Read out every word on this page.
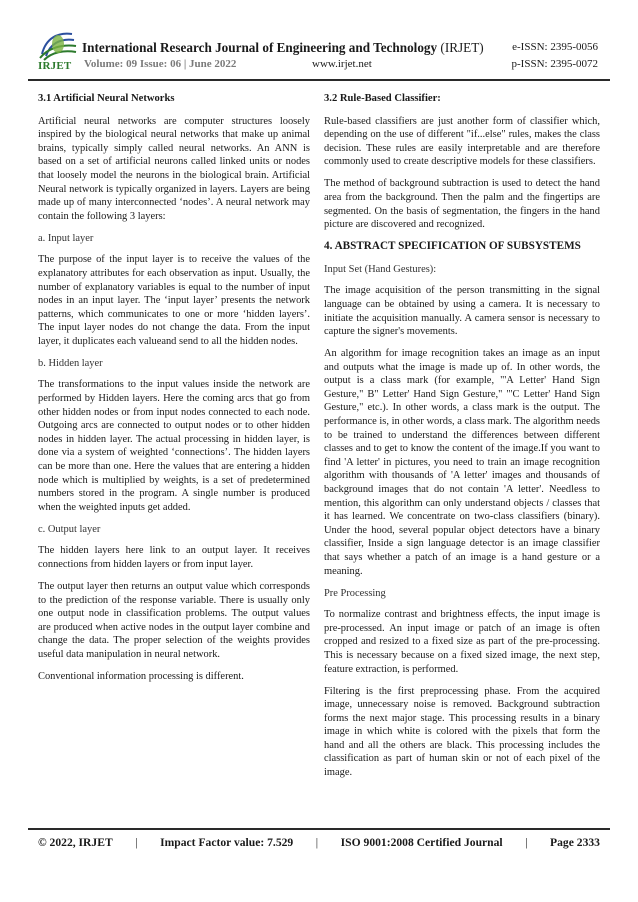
IRJET
International Research Journal of Engineering and Technology (IRJET)	e-ISSN: 2395-0056
Volume: 09 Issue: 06 | June 2022	www.irjet.net	p-ISSN: 2395-0072
3.1 Artificial Neural Networks

Artificial neural networks are computer structures loosely inspired by the biological neural networks that make up animal brains, typically simply called neural networks. An ANN is based on a set of artificial neurons called linked units or nodes that loosely model the neurons in the biological brain. Artificial Neural network is typically organized in layers. Layers are being made up of many interconnected ‘nodes’. A neural network may contain the following 3 layers:

a. Input layer

The purpose of the input layer is to receive the values of the explanatory attributes for each observation as input. Usually, the number of explanatory variables is equal to the number of input nodes in an input layer. The ‘input layer’ presents the network patterns, which communicates to one or more ‘hidden layers’. The input layer nodes do not change the data. From the input layer, it duplicates each valueand send to all the hidden nodes.

b. Hidden layer

The transformations to the input values inside the network are performed by Hidden layers. Here the coming arcs that go from other hidden nodes or from input nodes connected to each node. Outgoing arcs are connected to output nodes or to other hidden nodes in hidden layer. The actual processing in hidden layer, is done via a system of weighted ‘connections’. The hidden layers can be more than one. Here the values that are entering a hidden node which is multiplied by weights, is a set of predetermined numbers stored in the program. A single number is produced when the weighted inputs get added.

c. Output layer

The hidden layers here link to an output layer. It receives connections from hidden layers or from input layer.

The output layer then returns an output value which corresponds to the prediction of the response variable. There is usually only one output node in classification problems. The output values are produced when active nodes in the output layer combine and change the data. The proper selection of the weights provides useful data manipulation in neural network.

Conventional information processing is different.

3.2 Rule-Based Classifier:

Rule-based classifiers are just another form of classifier which, depending on the use of different "if...else" rules, makes the class decision. These rules are easily interpretable and are therefore commonly used to create descriptive models for these classifiers.

The method of background subtraction is used to detect the hand area from the background. Then the palm and the fingertips are segmented. On the basis of segmentation, the fingers in the hand picture are discovered and recognized.

4. ABSTRACT SPECIFICATION OF SUBSYSTEMS

Input Set (Hand Gestures):

The image acquisition of the person transmitting in the signal language can be obtained by using a camera. It is necessary to initiate the acquisition manually. A camera sensor is necessary to capture the signer's movements.

An algorithm for image recognition takes an image as an input and outputs what the image is made up of. In other words, the output is a class mark (for example, "'A Letter' Hand Sign Gesture," B" Letter' Hand Sign Gesture," "'C Letter' Hand Sign Gesture," etc.). In other words, a class mark is the output. The performance is, in other words, a class mark. The algorithm needs to be trained to understand the differences between different classes and to get to know the content of the image.If you want to find 'A letter' in pictures, you need to train an image recognition algorithm with thousands of 'A letter' images and thousands of background images that do not contain 'A letter'. Needless to mention, this algorithm can only understand objects / classes that it has learned. We concentrate on two-class classifiers (binary). Under the hood, several popular object detectors have a binary classifier, Inside a sign language detector is an image classifier that says whether a patch of an image is a hand gesture or a meaning.

Pre Processing

To normalize contrast and brightness effects, the input image is pre-processed. An input image or patch of an image is often cropped and resized to a fixed size as part of the pre-processing. This is necessary because on a fixed sized image, the next step, feature extraction, is performed.

Filtering is the first preprocessing phase. From the acquired image, unnecessary noise is removed. Background subtraction forms the next major stage. This processing results in a binary image in which white is colored with the pixels that form the hand and all the others are black. This processing includes the classification as part of human skin or not of each pixel of the image.

© 2022, IRJET | Impact Factor value: 7.529 | ISO 9001:2008 Certified Journal | Page 2333
